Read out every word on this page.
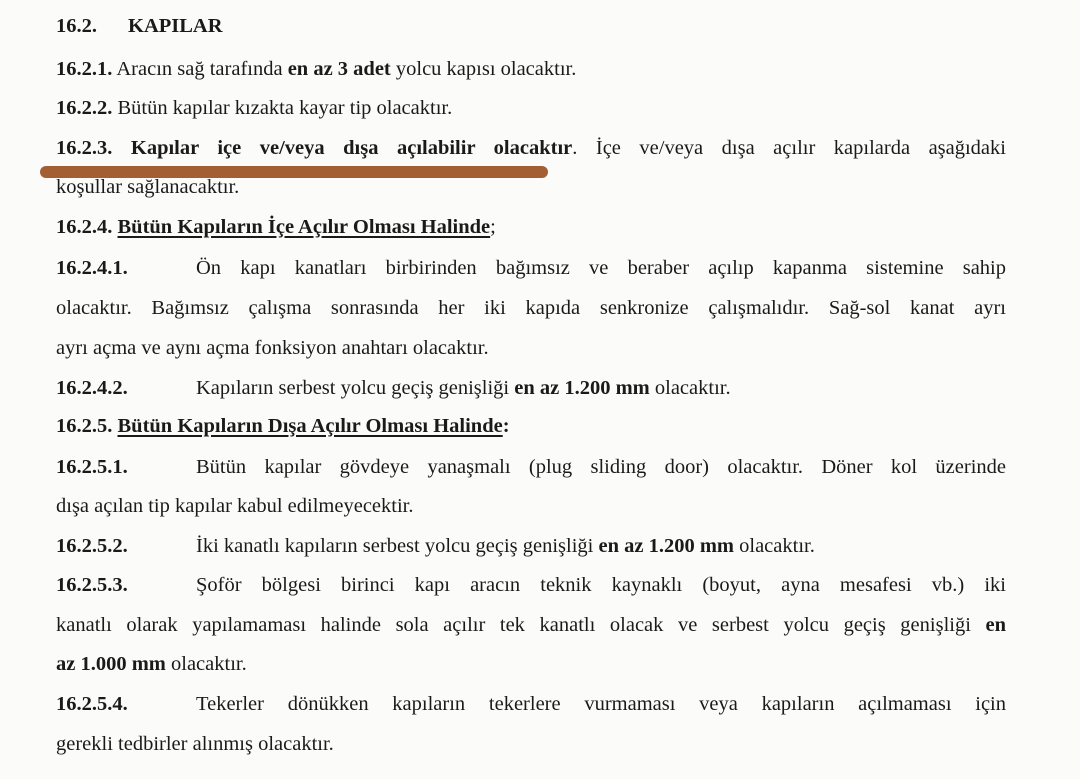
16.2. KAPILAR
16.2.1. Aracın sağ tarafında en az 3 adet yolcu kapısı olacaktır.
16.2.2. Bütün kapılar kızakta kayar tip olacaktır.
16.2.3. Kapılar içe ve/veya dışa açılabilir olacaktır. İçe ve/veya dışa açılır kapılarda aşağıdaki
koşullar sağlanacaktır.
16.2.4. Bütün Kapıların İçe Açılır Olması Halinde;
16.2.4.1.	Ön kapı kanatları birbirinden bağımsız ve beraber açılıp kapanma sistemine sahip
olacaktır. Bağımsız çalışma sonrasında her iki kapıda senkronize çalışmalıdır. Sağ-sol kanat ayrı
ayrı açma ve aynı açma fonksiyon anahtarı olacaktır.
16.2.4.2.	Kapıların serbest yolcu geçiş genişliği en az 1.200 mm olacaktır.
16.2.5. Bütün Kapıların Dışa Açılır Olması Halinde:
16.2.5.1.	Bütün kapılar gövdeye yanaşmalı (plug sliding door) olacaktır. Döner kol üzerinde
dışa açılan tip kapılar kabul edilmeyecektir.
16.2.5.2.	İki kanatlı kapıların serbest yolcu geçiş genişliği en az 1.200 mm olacaktır.
16.2.5.3.	Şoför bölgesi birinci kapı aracın teknik kaynaklı (boyut, ayna mesafesi vb.) iki
kanatlı olarak yapılamaması halinde sola açılır tek kanatlı olacak ve serbest yolcu geçiş genişliği en
az 1.000 mm olacaktır.
16.2.5.4.	Tekerler dönükken kapıların tekerlere vurmaması veya kapıların açılmaması için
gerekli tedbirler alınmış olacaktır.
